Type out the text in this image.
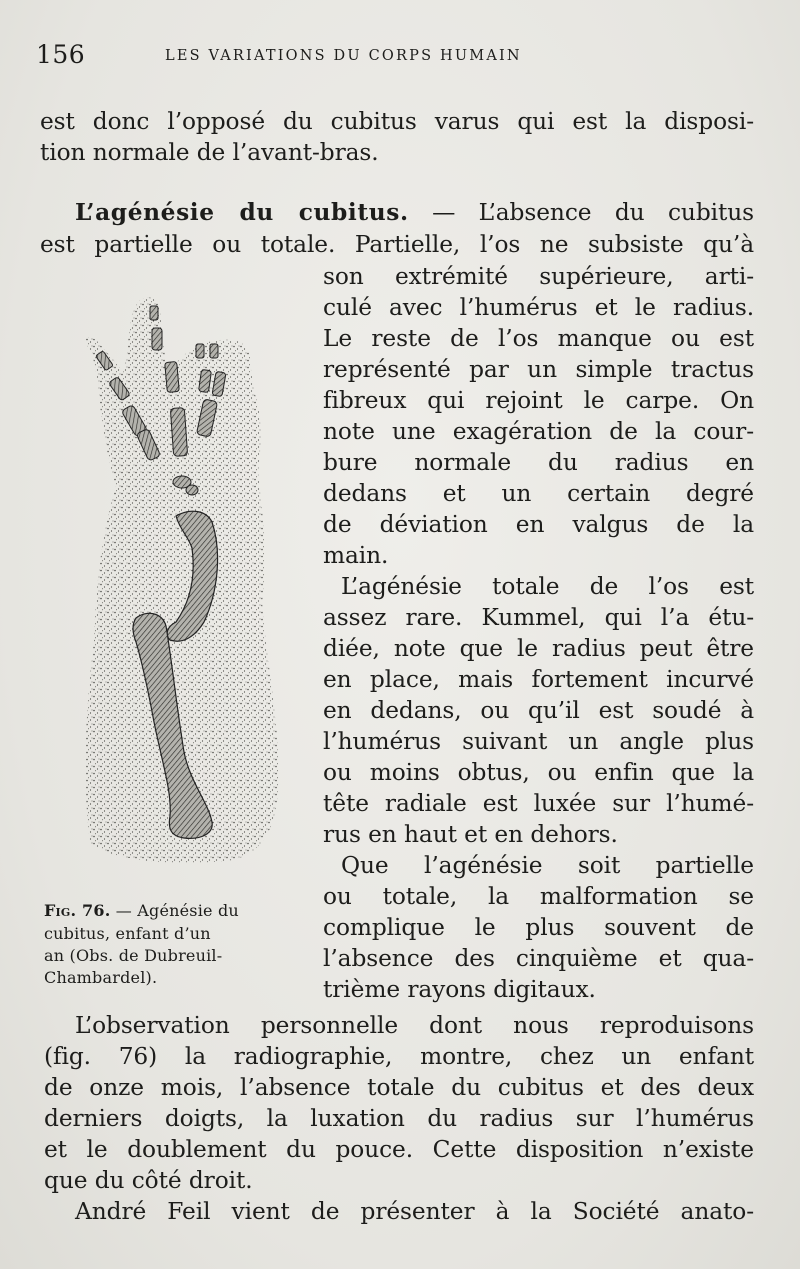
156	LES VARIATIONS DU CORPS HUMAIN
est donc l’opposé du cubitus varus qui est la disposi-
tion normale de l’avant-bras.
L’agénésie du cubitus. — L’absence du cubitus
est partielle ou totale. Partielle, l’os ne subsiste qu’à
son extrémité supérieure, arti-
culé avec l’humérus et le radius.
Le reste de l’os manque ou est
représenté par un simple tractus
fibreux qui rejoint le carpe. On
note une exagération de la cour-
bure normale du radius en
dedans et un certain degré
de déviation en valgus de la
main.
L’agénésie totale de l’os est
assez rare. Kummel, qui l’a étu-
diée, note que le radius peut être
en place, mais fortement incurvé
en dedans, ou qu’il est soudé à
l’humérus suivant un angle plus
ou moins obtus, ou enfin que la
tête radiale est luxée sur l’humé-
rus en haut et en dehors.
Que l’agénésie soit partielle
ou totale, la malformation se
complique le plus souvent de
l’absence des cinquième et qua-
trième rayons digitaux.
Fig. 76. — Agénésie du
cubitus, enfant d’un
an (Obs. de Dubreuil-
Chambardel).
L’observation personnelle dont nous reproduisons
(fig. 76) la radiographie, montre, chez un enfant
de onze mois, l’absence totale du cubitus et des deux
derniers doigts, la luxation du radius sur l’humérus
et le doublement du pouce. Cette disposition n’existe
que du côté droit.
André Feil vient de présenter à la Société anato-
